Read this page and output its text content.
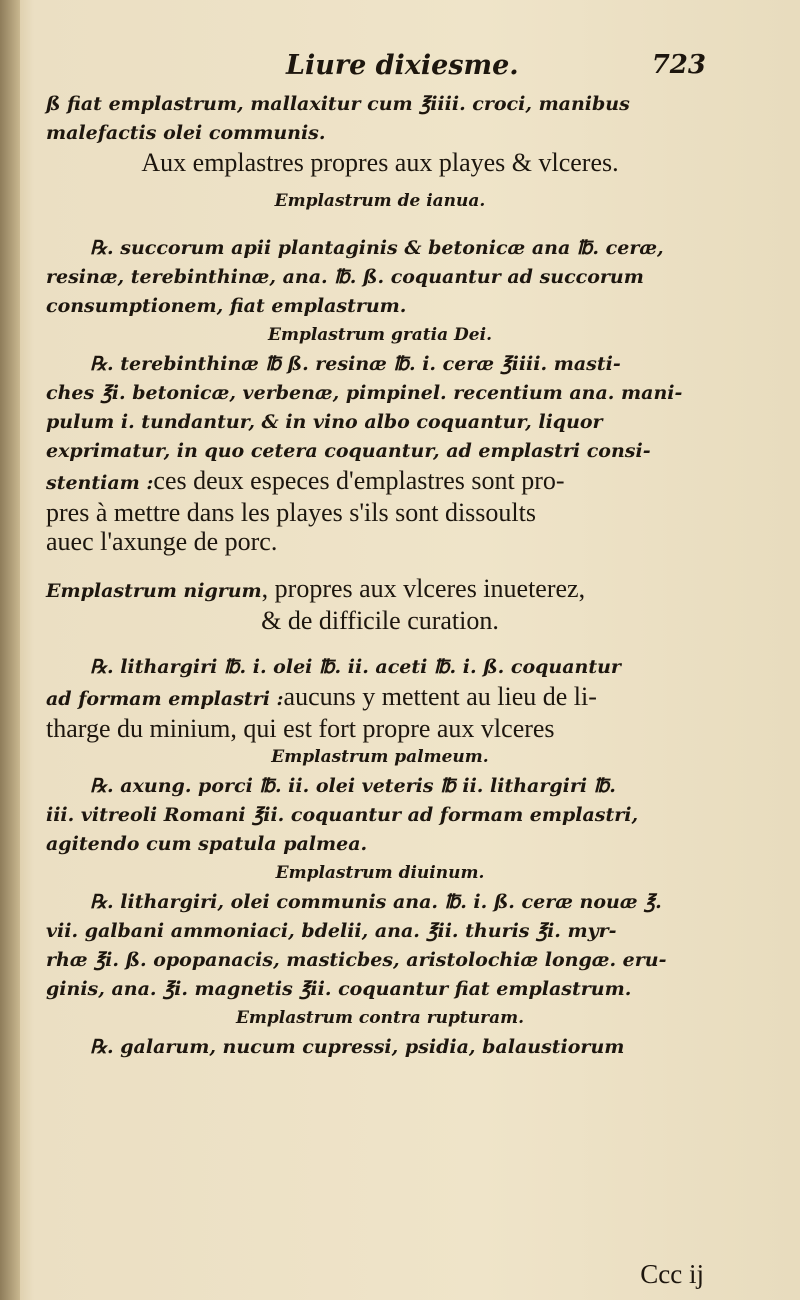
Liure dixiesme.	723
ß fiat emplastrum, mallaxitur cum ℥iiii. croci, manibus
malefactis olei communis.
Aux emplastres propres aux playes & vlceres.
Emplastrum de ianua.
℞. succorum apii plantaginis & betonicæ ana ℔. ceræ,
resinæ, terebinthinæ, ana. ℔. ß. coquantur ad succorum
consumptionem, fiat emplastrum.
Emplastrum gratia Dei.
℞. terebinthinæ ℔ ß. resinæ ℔. i. ceræ ℥iiii. masti-
ches ℥i. betonicæ, verbenæ, pimpinel. recentium ana. mani-
pulum i. tundantur, & in vino albo coquantur, liquor
exprimatur, in quo cetera coquantur, ad emplastri consi-
stentiam :ces deux especes d'emplastres sont pro-
pres à mettre dans les playes s'ils sont dissoults
auec l'axunge de porc.
Emplastrum nigrum, propres aux vlceres inueterez,
& de difficile curation.
℞. lithargiri ℔. i. olei ℔. ii. aceti ℔. i. ß. coquantur
ad formam emplastri :aucuns y mettent au lieu de li-
tharge du minium, qui est fort propre aux vlceres
Emplastrum palmeum.
℞. axung. porci ℔. ii. olei veteris ℔ ii. lithargiri ℔.
iii. vitreoli Romani ℥ii. coquantur ad formam emplastri,
agitendo cum spatula palmea.
Emplastrum diuinum.
℞. lithargiri, olei communis ana. ℔. i. ß. ceræ nouæ ℥.
vii. galbani ammoniaci, bdelii, ana. ℥ii. thuris ℥i. myr-
rhæ ℥i. ß. opopanacis, masticbes, aristolochiæ longæ. eru-
ginis, ana. ℥i. magnetis ℥ii. coquantur fiat emplastrum.
Emplastrum contra rupturam.
℞. galarum, nucum cupressi, psidia, balaustiorum
Ccc ij
